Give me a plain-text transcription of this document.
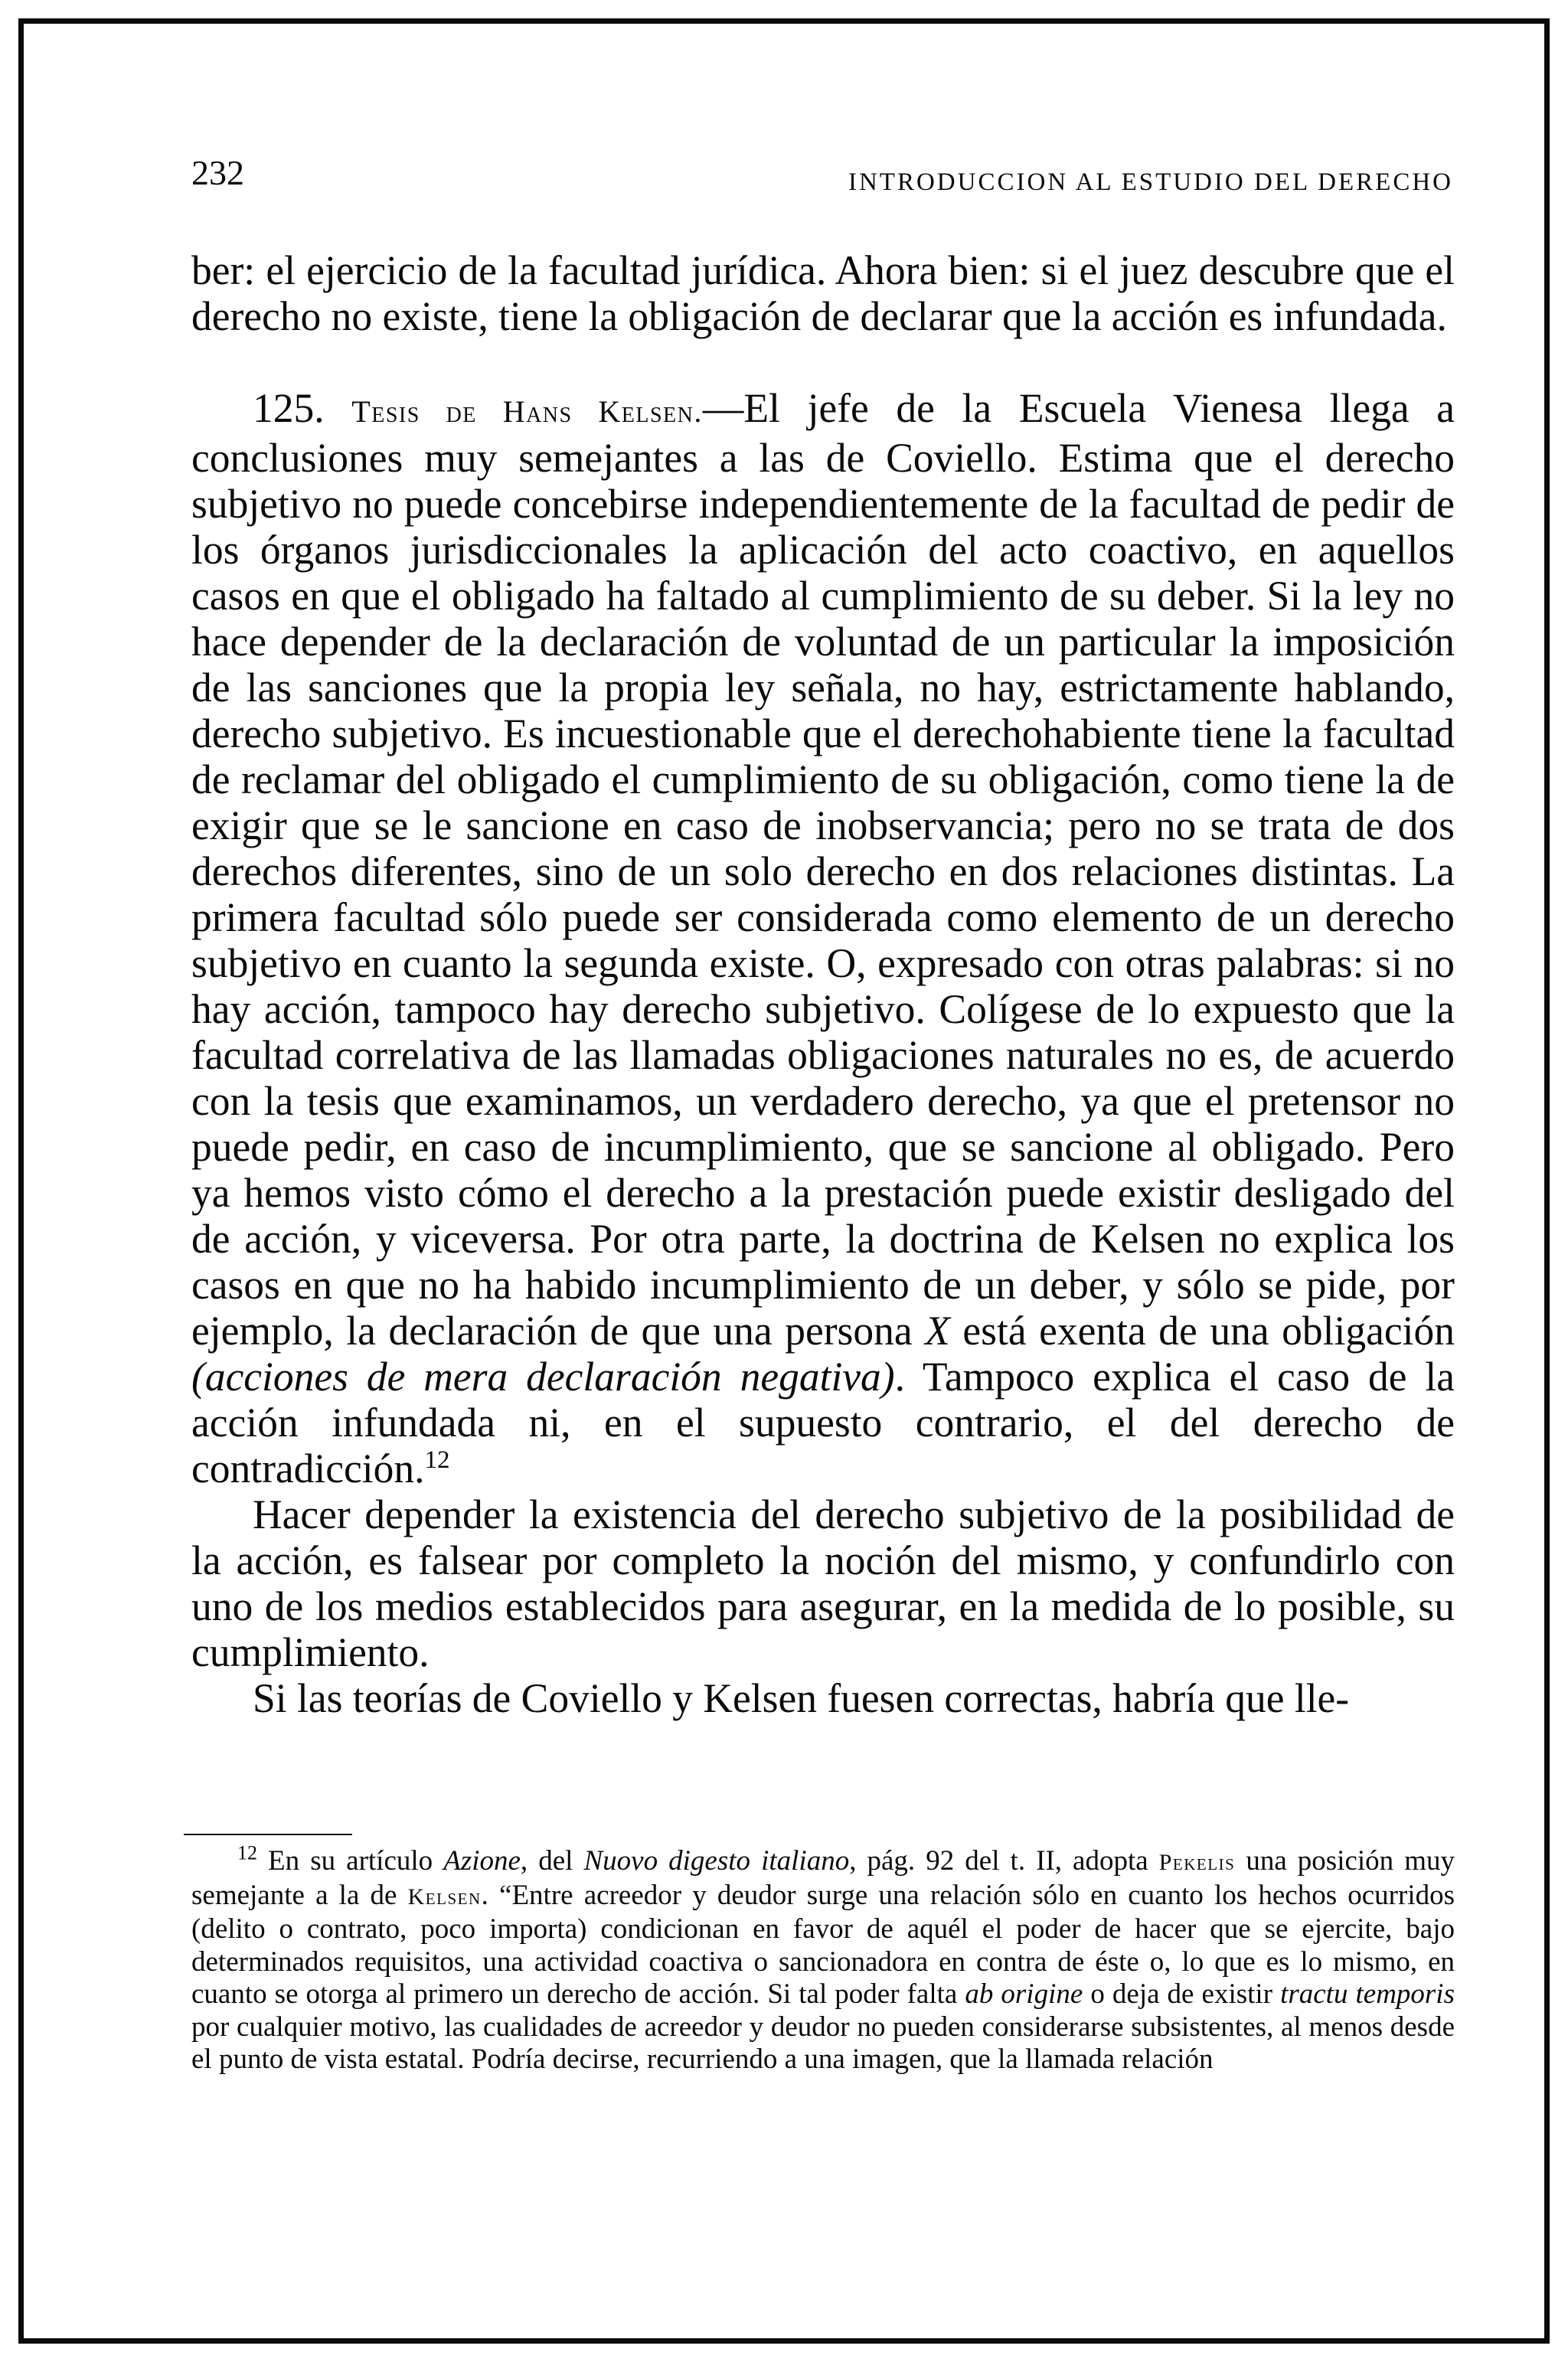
232	INTRODUCCION AL ESTUDIO DEL DERECHO

ber: el ejercicio de la facultad jurídica. Ahora bien: si el juez descubre que el derecho no existe, tiene la obligación de declarar que la acción es infundada.

125. Tesis de Hans Kelsen.—El jefe de la Escuela Vienesa llega a conclusiones muy semejantes a las de Coviello. Estima que el derecho subjetivo no puede concebirse independientemente de la facultad de pedir de los órganos jurisdiccionales la aplicación del acto coactivo, en aquellos casos en que el obligado ha faltado al cumplimiento de su deber. Si la ley no hace depender de la declaración de voluntad de un particular la imposición de las sanciones que la propia ley señala, no hay, estrictamente hablando, derecho subjetivo. Es incuestionable que el derechohabiente tiene la facultad de reclamar del obligado el cumplimiento de su obligación, como tiene la de exigir que se le sancione en caso de inobservancia; pero no se trata de dos derechos diferentes, sino de un solo derecho en dos relaciones distintas. La primera facultad sólo puede ser considerada como elemento de un derecho subjetivo en cuanto la segunda existe. O, expresado con otras palabras: si no hay acción, tampoco hay derecho subjetivo. Colígese de lo expuesto que la facultad correlativa de las llamadas obligaciones naturales no es, de acuerdo con la tesis que examinamos, un verdadero derecho, ya que el pretensor no puede pedir, en caso de incumplimiento, que se sancione al obligado. Pero ya hemos visto cómo el derecho a la prestación puede existir desligado del de acción, y viceversa. Por otra parte, la doctrina de Kelsen no explica los casos en que no ha habido incumplimiento de un deber, y sólo se pide, por ejemplo, la declaración de que una persona X está exenta de una obligación (acciones de mera declaración negativa). Tampoco explica el caso de la acción infundada ni, en el supuesto contrario, el del derecho de contradicción.$^{12}$

Hacer depender la existencia del derecho subjetivo de la posibilidad de la acción, es falsear por completo la noción del mismo, y confundirlo con uno de los medios establecidos para asegurar, en la medida de lo posible, su cumplimiento.

Si las teorías de Coviello y Kelsen fuesen correctas, habría que lle-

$^{12}$ En su artículo Azione, del Nuovo digesto italiano, pág. 92 del t. II, adopta Pekelis una posición muy semejante a la de Kelsen. “Entre acreedor y deudor surge una relación sólo en cuanto los hechos ocurridos (delito o contrato, poco importa) condicionan en favor de aquél el poder de hacer que se ejercite, bajo determinados requisitos, una actividad coactiva o sancionadora en contra de éste o, lo que es lo mismo, en cuanto se otorga al primero un derecho de acción. Si tal poder falta ab origine o deja de existir tractu temporis por cualquier motivo, las cualidades de acreedor y deudor no pueden considerarse subsistentes, al menos desde el punto de vista estatal. Podría decirse, recurriendo a una imagen, que la llamada relación
